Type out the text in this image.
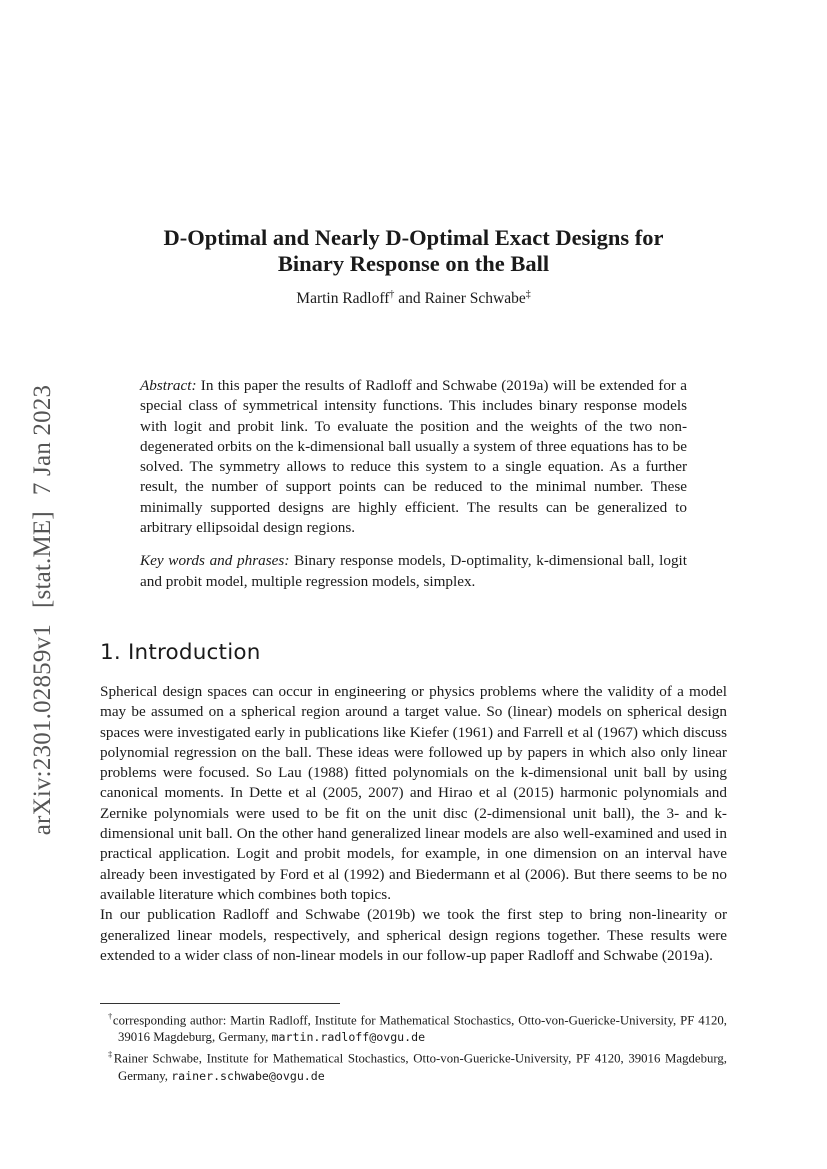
arXiv:2301.02859v1[stat.ME]7 Jan 2023
D-Optimal and Nearly D-Optimal Exact Designs for
Binary Response on the Ball
Martin Radloff† and Rainer Schwabe‡

Abstract: In this paper the results of Radloff and Schwabe (2019a) will be extended for a special class of symmetrical intensity functions. This includes binary response models with logit and probit link. To evaluate the position and the weights of the two non-degenerated orbits on the k-dimensional ball usually a system of three equations has to be solved. The symmetry allows to reduce this system to a single equation. As a further result, the number of support points can be reduced to the minimal number. These minimally supported designs are highly efficient. The results can be generalized to arbitrary ellipsoidal design regions.

Key words and phrases: Binary response models, D-optimality, k-dimensional ball, logit and probit model, multiple regression models, simplex.

1. Introduction

Spherical design spaces can occur in engineering or physics problems where the validity of a model may be assumed on a spherical region around a target value. So (linear) models on spherical design spaces were investigated early in publications like Kiefer (1961) and Farrell et al (1967) which discuss polynomial regression on the ball. These ideas were followed up by papers in which also only linear problems were focused. So Lau (1988) fitted polynomials on the k-dimensional unit ball by using canonical moments. In Dette et al (2005, 2007) and Hirao et al (2015) harmonic polynomials and Zernike polynomials were used to be fit on the unit disc (2-dimensional unit ball), the 3- and k-dimensional unit ball. On the other hand generalized linear models are also well-examined and used in practical application. Logit and probit models, for example, in one dimension on an interval have already been investigated by Ford et al (1992) and Biedermann et al (2006). But there seems to be no available literature which combines both topics.

In our publication Radloff and Schwabe (2019b) we took the first step to bring non-linearity or generalized linear models, respectively, and spherical design regions together. These results were extended to a wider class of non-linear models in our follow-up paper Radloff and Schwabe (2019a).

†corresponding author: Martin Radloff, Institute for Mathematical Stochastics, Otto-von-Guericke-University, PF 4120, 39016 Magdeburg, Germany, martin.radloff@ovgu.de

‡Rainer Schwabe, Institute for Mathematical Stochastics, Otto-von-Guericke-University, PF 4120, 39016 Magdeburg, Germany, rainer.schwabe@ovgu.de
